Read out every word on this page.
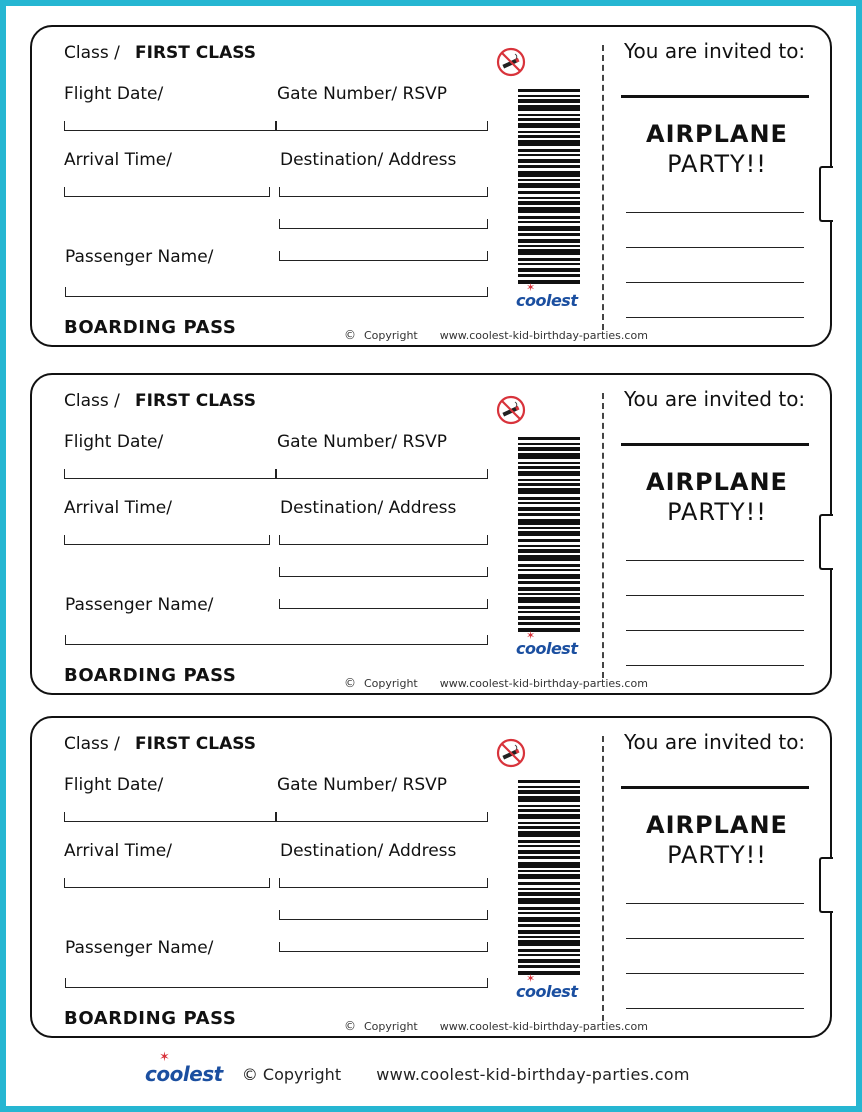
Class / FIRST CLASS
Flight Date/	Gate Number/ RSVP
Arrival Time/	Destination/ Address
Passenger Name/
BOARDING PASS	© Copyright www.coolest-kid-birthday-parties.com
✶ coolest
You are invited to:
AIRPLANE
PARTY!!
Class / FIRST CLASS
Flight Date/	Gate Number/ RSVP
Arrival Time/	Destination/ Address
Passenger Name/
BOARDING PASS	© Copyright www.coolest-kid-birthday-parties.com
✶ coolest
You are invited to:
AIRPLANE
PARTY!!
Class / FIRST CLASS
Flight Date/	Gate Number/ RSVP
Arrival Time/	Destination/ Address
Passenger Name/
BOARDING PASS	© Copyright www.coolest-kid-birthday-parties.com
✶ coolest
You are invited to:
AIRPLANE
PARTY!!
✶ coolest © Copyright www.coolest-kid-birthday-parties.com
